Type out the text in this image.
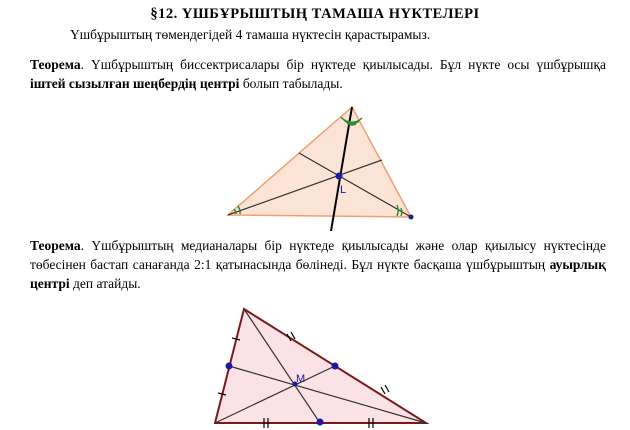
§12. ҮШБҰРЫШТЫҢ ТАМАША НҮКТЕЛЕРІ
Үшбұрыштың төмендегідей 4 тамаша нүктесін қарастырамыз.
Теорема. Үшбұрыштың биссектрисалары бір нүктеде қиылысады. Бұл нүкте осы үшбұрышқа іштей сызылған шеңбердің центрі болып табылады.
Теорема. Үшбұрыштың медианалары бір нүктеде қиылысады және олар қиылысу нүктесінде төбесінен бастап санағанда 2:1 қатынасында бөлінеді. Бұл нүкте басқаша үшбұрыштың ауырлық центрі деп атайды.
L
M
